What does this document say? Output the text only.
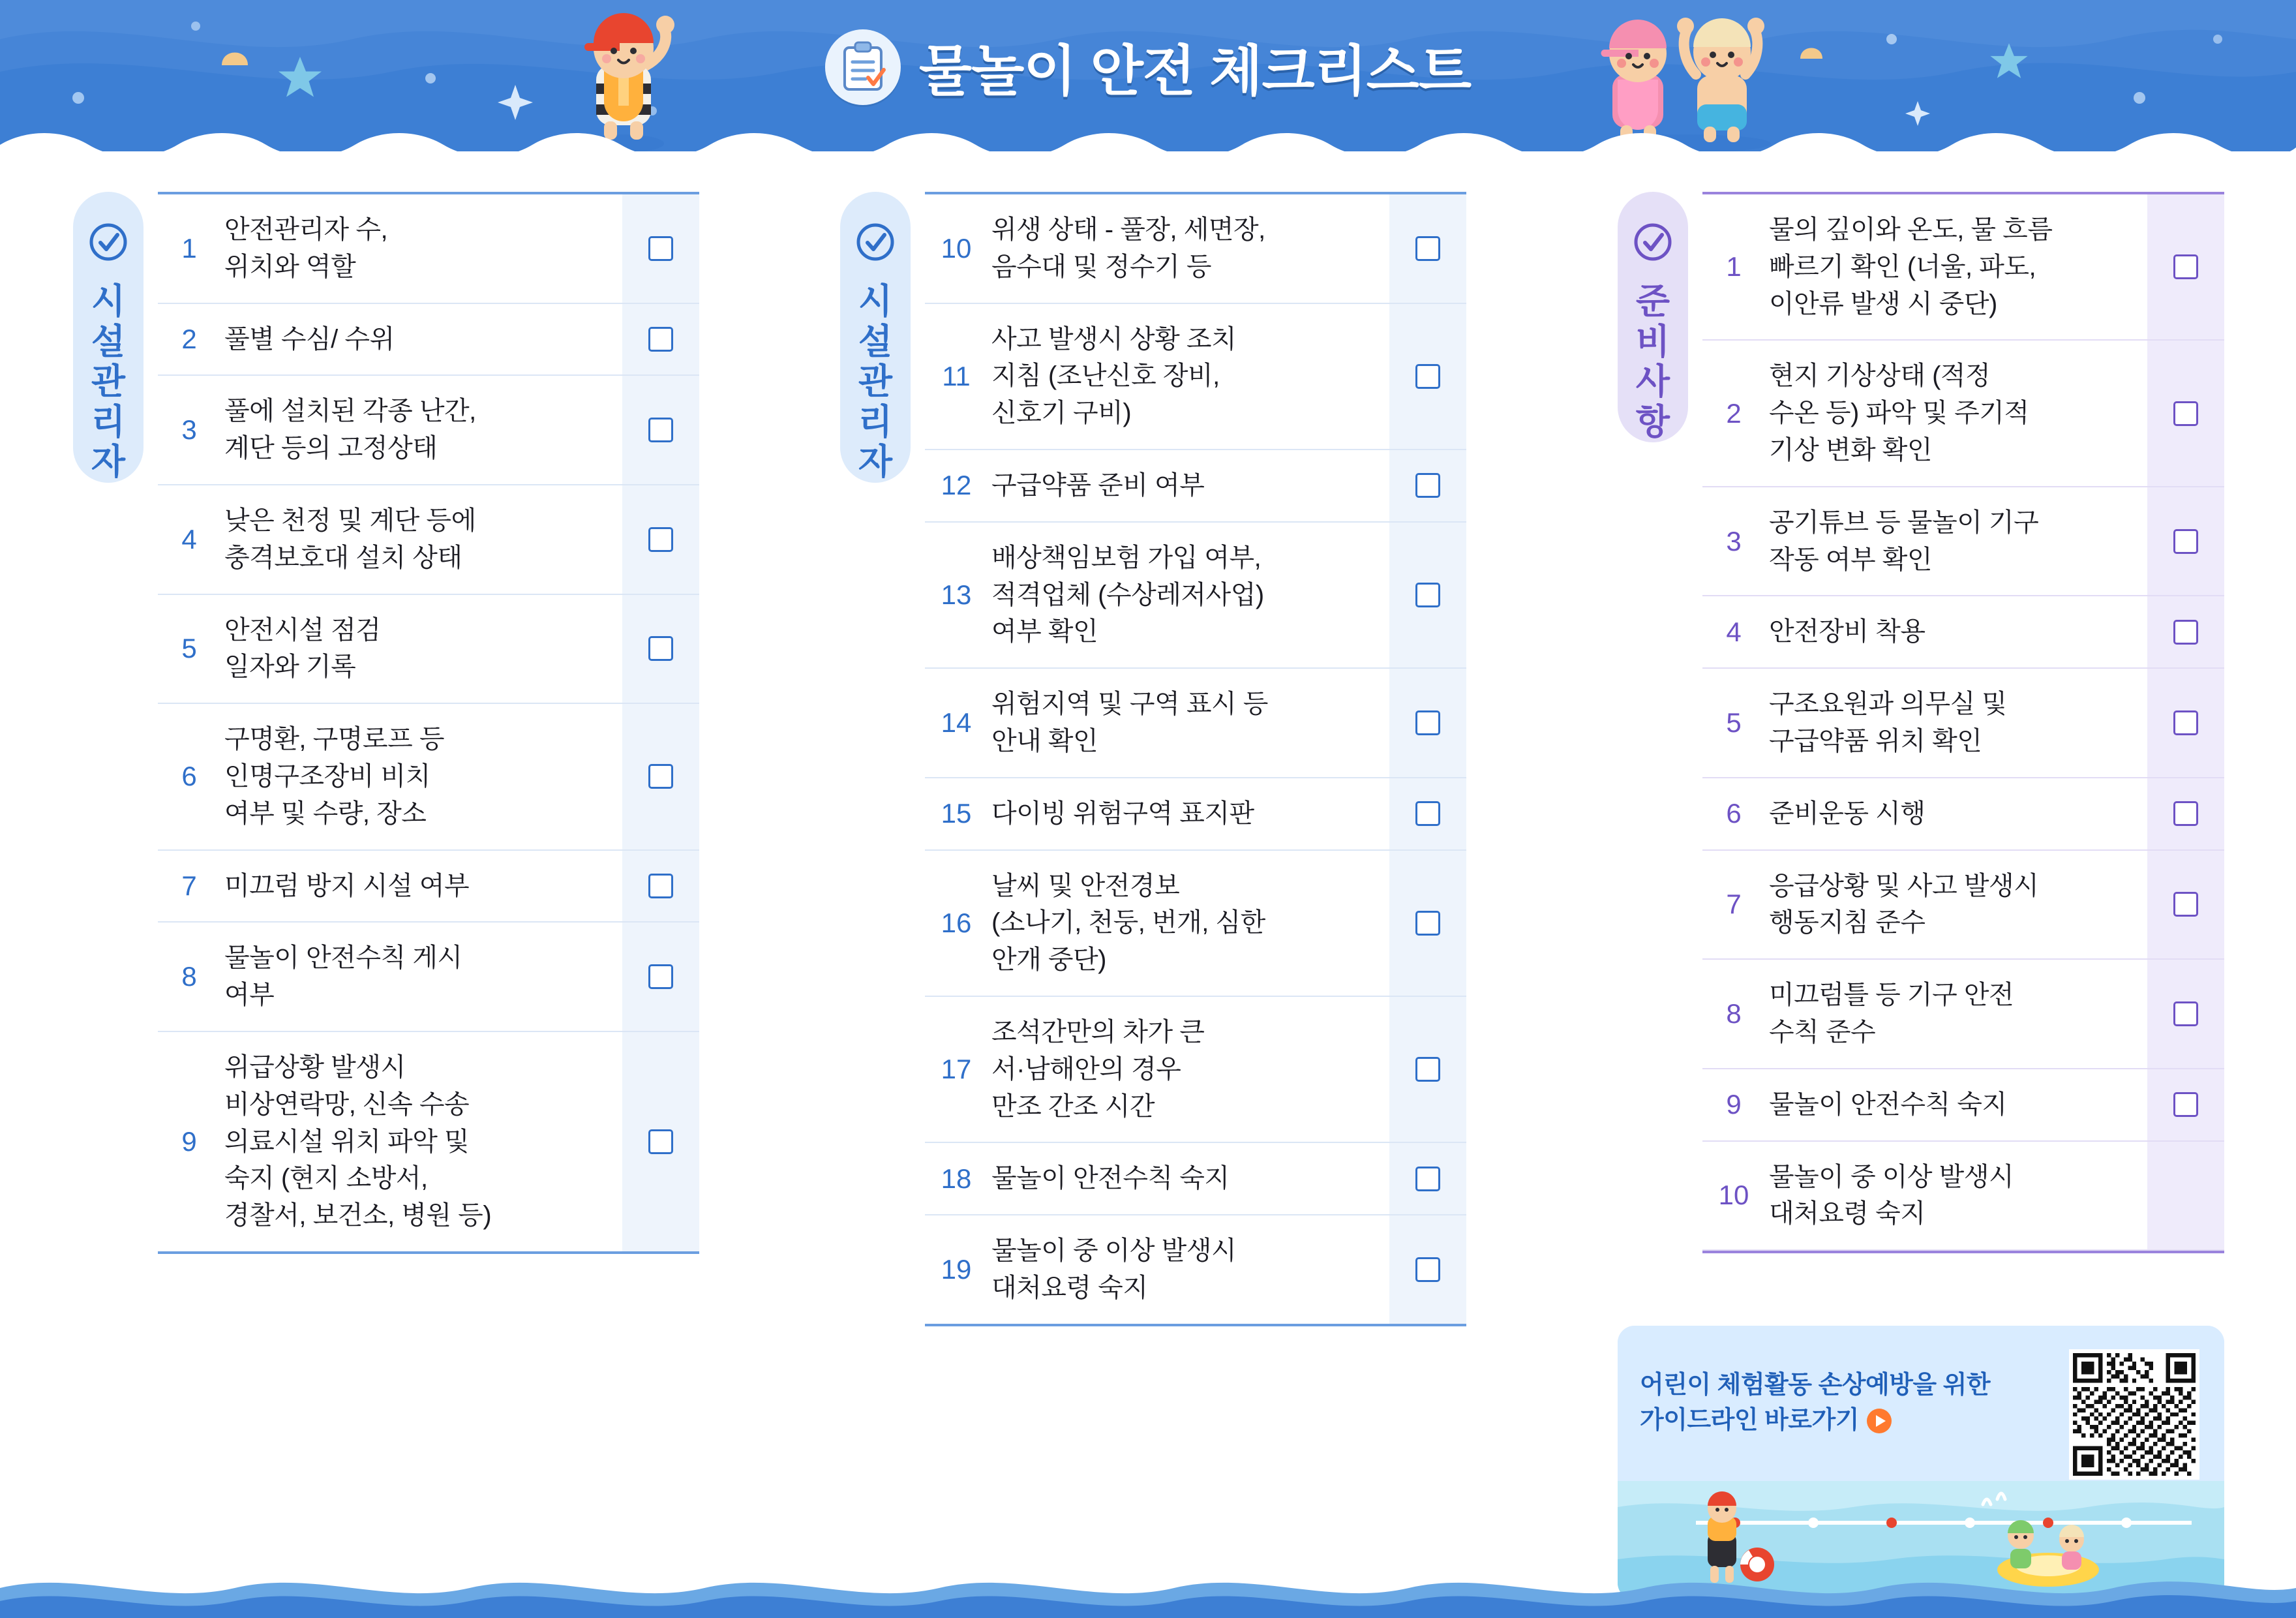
물놀이 안전 체크리스트
시
설
관
리
자
1
안전관리자 수,
위치와 역할
2	풀별 수심/ 수위
3
풀에 설치된 각종 난간,
계단 등의 고정상태
4
낮은 천정 및 계단 등에
충격보호대 설치 상태
5
안전시설 점검
일자와 기록
6
구명환, 구명로프 등
인명구조장비 비치
여부 및 수량, 장소
7	미끄럼 방지 시설 여부
8
물놀이 안전수칙 게시
여부
9
위급상황 발생시
비상연락망, 신속 수송
의료시설 위치 파악 및
숙지 (현지 소방서,
경찰서, 보건소, 병원 등)
시
설
관
리
자
10
위생 상태 - 풀장, 세면장,
음수대 및 정수기 등
11
사고 발생시 상황 조치
지침 (조난신호 장비,
신호기 구비)
12 구급약품 준비 여부
13
배상책임보험 가입 여부,
적격업체 (수상레저사업)
여부 확인
14
위험지역 및 구역 표시 등
안내 확인
15 다이빙 위험구역 표지판
16
날씨 및 안전경보
(소나기, 천둥, 번개, 심한
안개 중단)
17
조석간만의 차가 큰
서·남해안의 경우
만조 간조 시간
18 물놀이 안전수칙 숙지
19
물놀이 중 이상 발생시
대처요령 숙지
준
비
사
항
1
물의 깊이와 온도, 물 흐름
빠르기 확인 (너울, 파도,
이안류 발생 시 중단)
2
현지 기상상태 (적정
수온 등) 파악 및 주기적
기상 변화 확인
3
공기튜브 등 물놀이 기구
작동 여부 확인
4	안전장비 착용
5
구조요원과 의무실 및
구급약품 위치 확인
6	준비운동 시행
7
응급상황 및 사고 발생시
행동지침 준수
8
미끄럼틀 등 기구 안전
수칙 준수
9	물놀이 안전수칙 숙지
10
물놀이 중 이상 발생시
대처요령 숙지
어린이 체험활동 손상예방을 위한
가이드라인 바로가기
